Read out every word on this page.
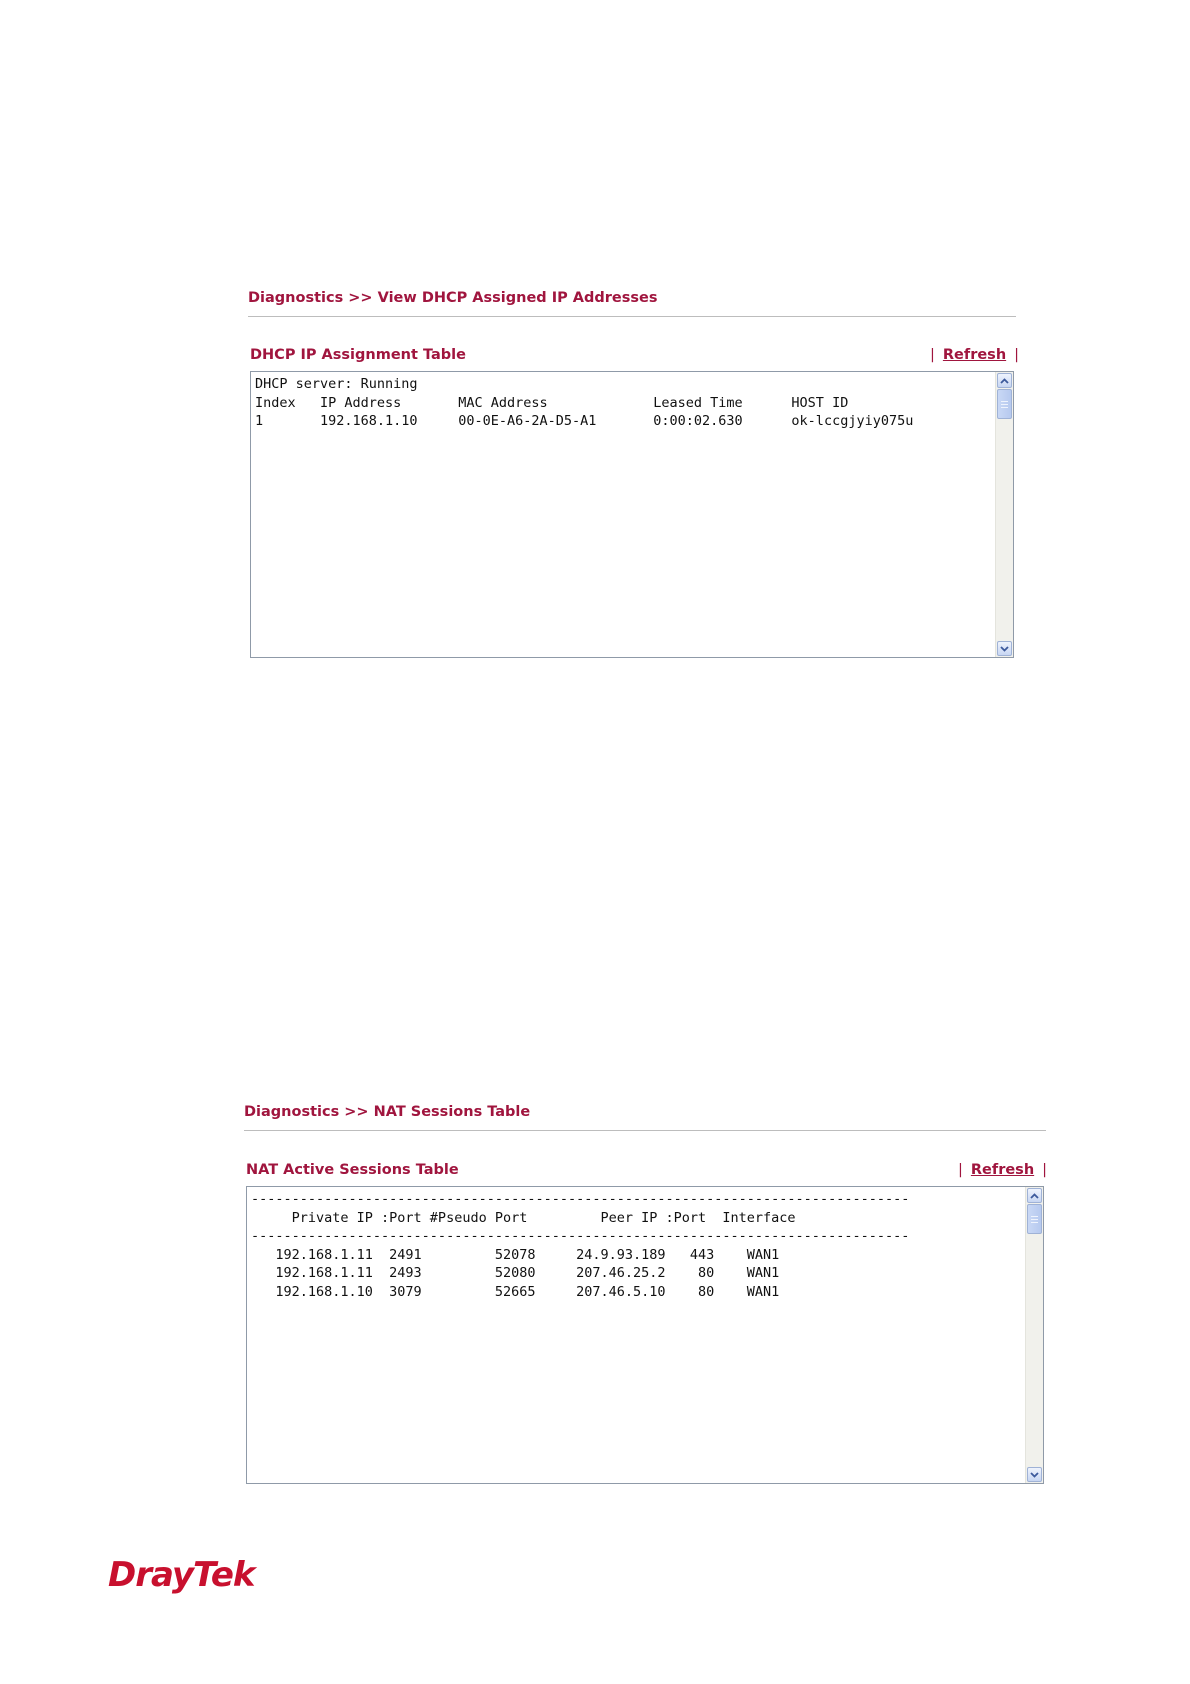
Diagnostics >> View DHCP Assigned IP Addresses
DHCP IP Assignment Table	| Refresh |
DHCP server: Running
Index   IP Address       MAC Address             Leased Time      HOST ID
1       192.168.1.10     00-0E-A6-2A-D5-A1       0:00:02.630      ok-lccgjyiy075u
Diagnostics >> NAT Sessions Table
NAT Active Sessions Table	| Refresh |
---------------------------------------------------------------------------------
Private IP :Port #Pseudo Port         Peer IP :Port  Interface
---------------------------------------------------------------------------------
192.168.1.11  2491         52078     24.9.93.189   443    WAN1
192.168.1.11  2493         52080     207.46.25.2    80    WAN1
192.168.1.10  3079         52665     207.46.5.10    80    WAN1
DrayTek
